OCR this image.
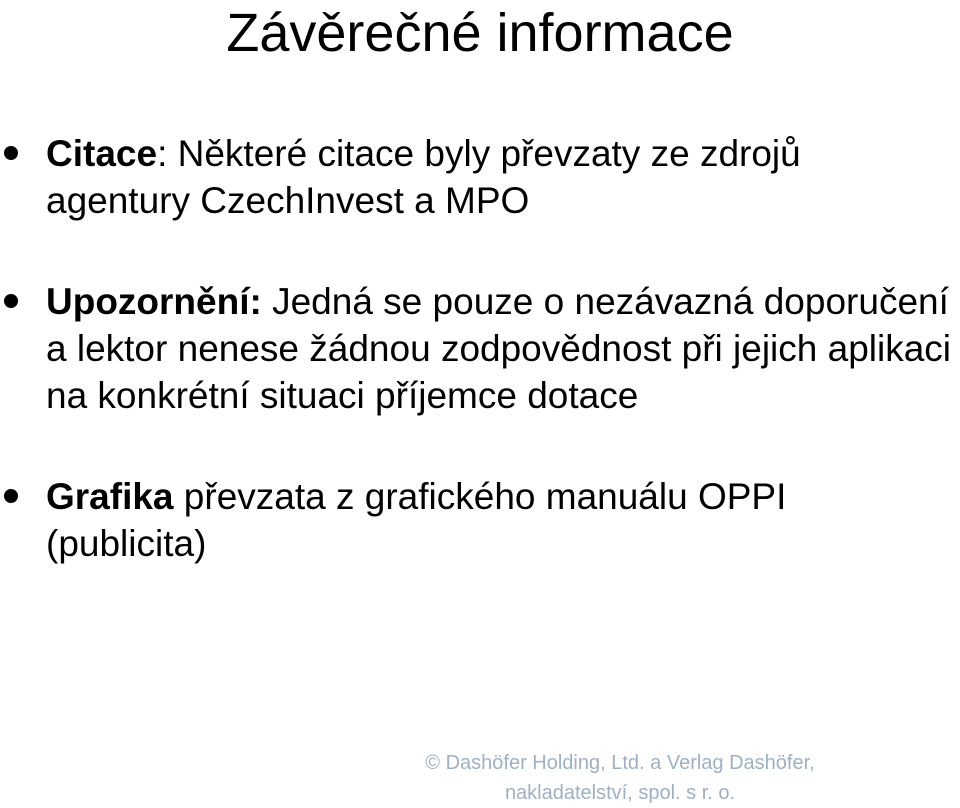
Závěrečné informace
Citace: Některé citace byly převzaty ze zdrojů agentury CzechInvest a MPO
Upozornění: Jedná se pouze o nezávazná doporučení a lektor nenese žádnou zodpovědnost při jejich aplikaci na konkrétní situaci příjemce dotace
Grafika převzata z grafického manuálu OPPI (publicita)
© Dashöfer Holding, Ltd. a Verlag Dashöfer,
nakladatelství, spol. s r. o.
